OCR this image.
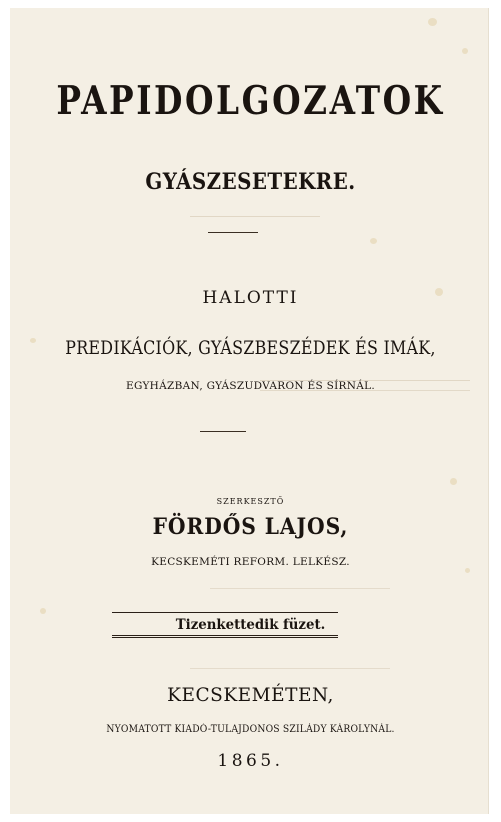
PAPIDOLGOZATOK
GYÁSZESETEKRE.
HALOTTI
PREDIKÁCIÓK, GYÁSZBESZÉDEK ÉS IMÁK,
EGYHÁZBAN, GYÁSZUDVARON ÉS SÍRNÁL.
SZERKESZTŐ
FÖRDŐS LAJOS,
KECSKEMÉTI REFORM. LELKÉSZ.
Tizenkettedik füzet.
KECSKEMÉTEN,
NYOMATOTT KIADÓ-TULAJDONOS SZILÁDY KÁROLYNÁL.
1865.
